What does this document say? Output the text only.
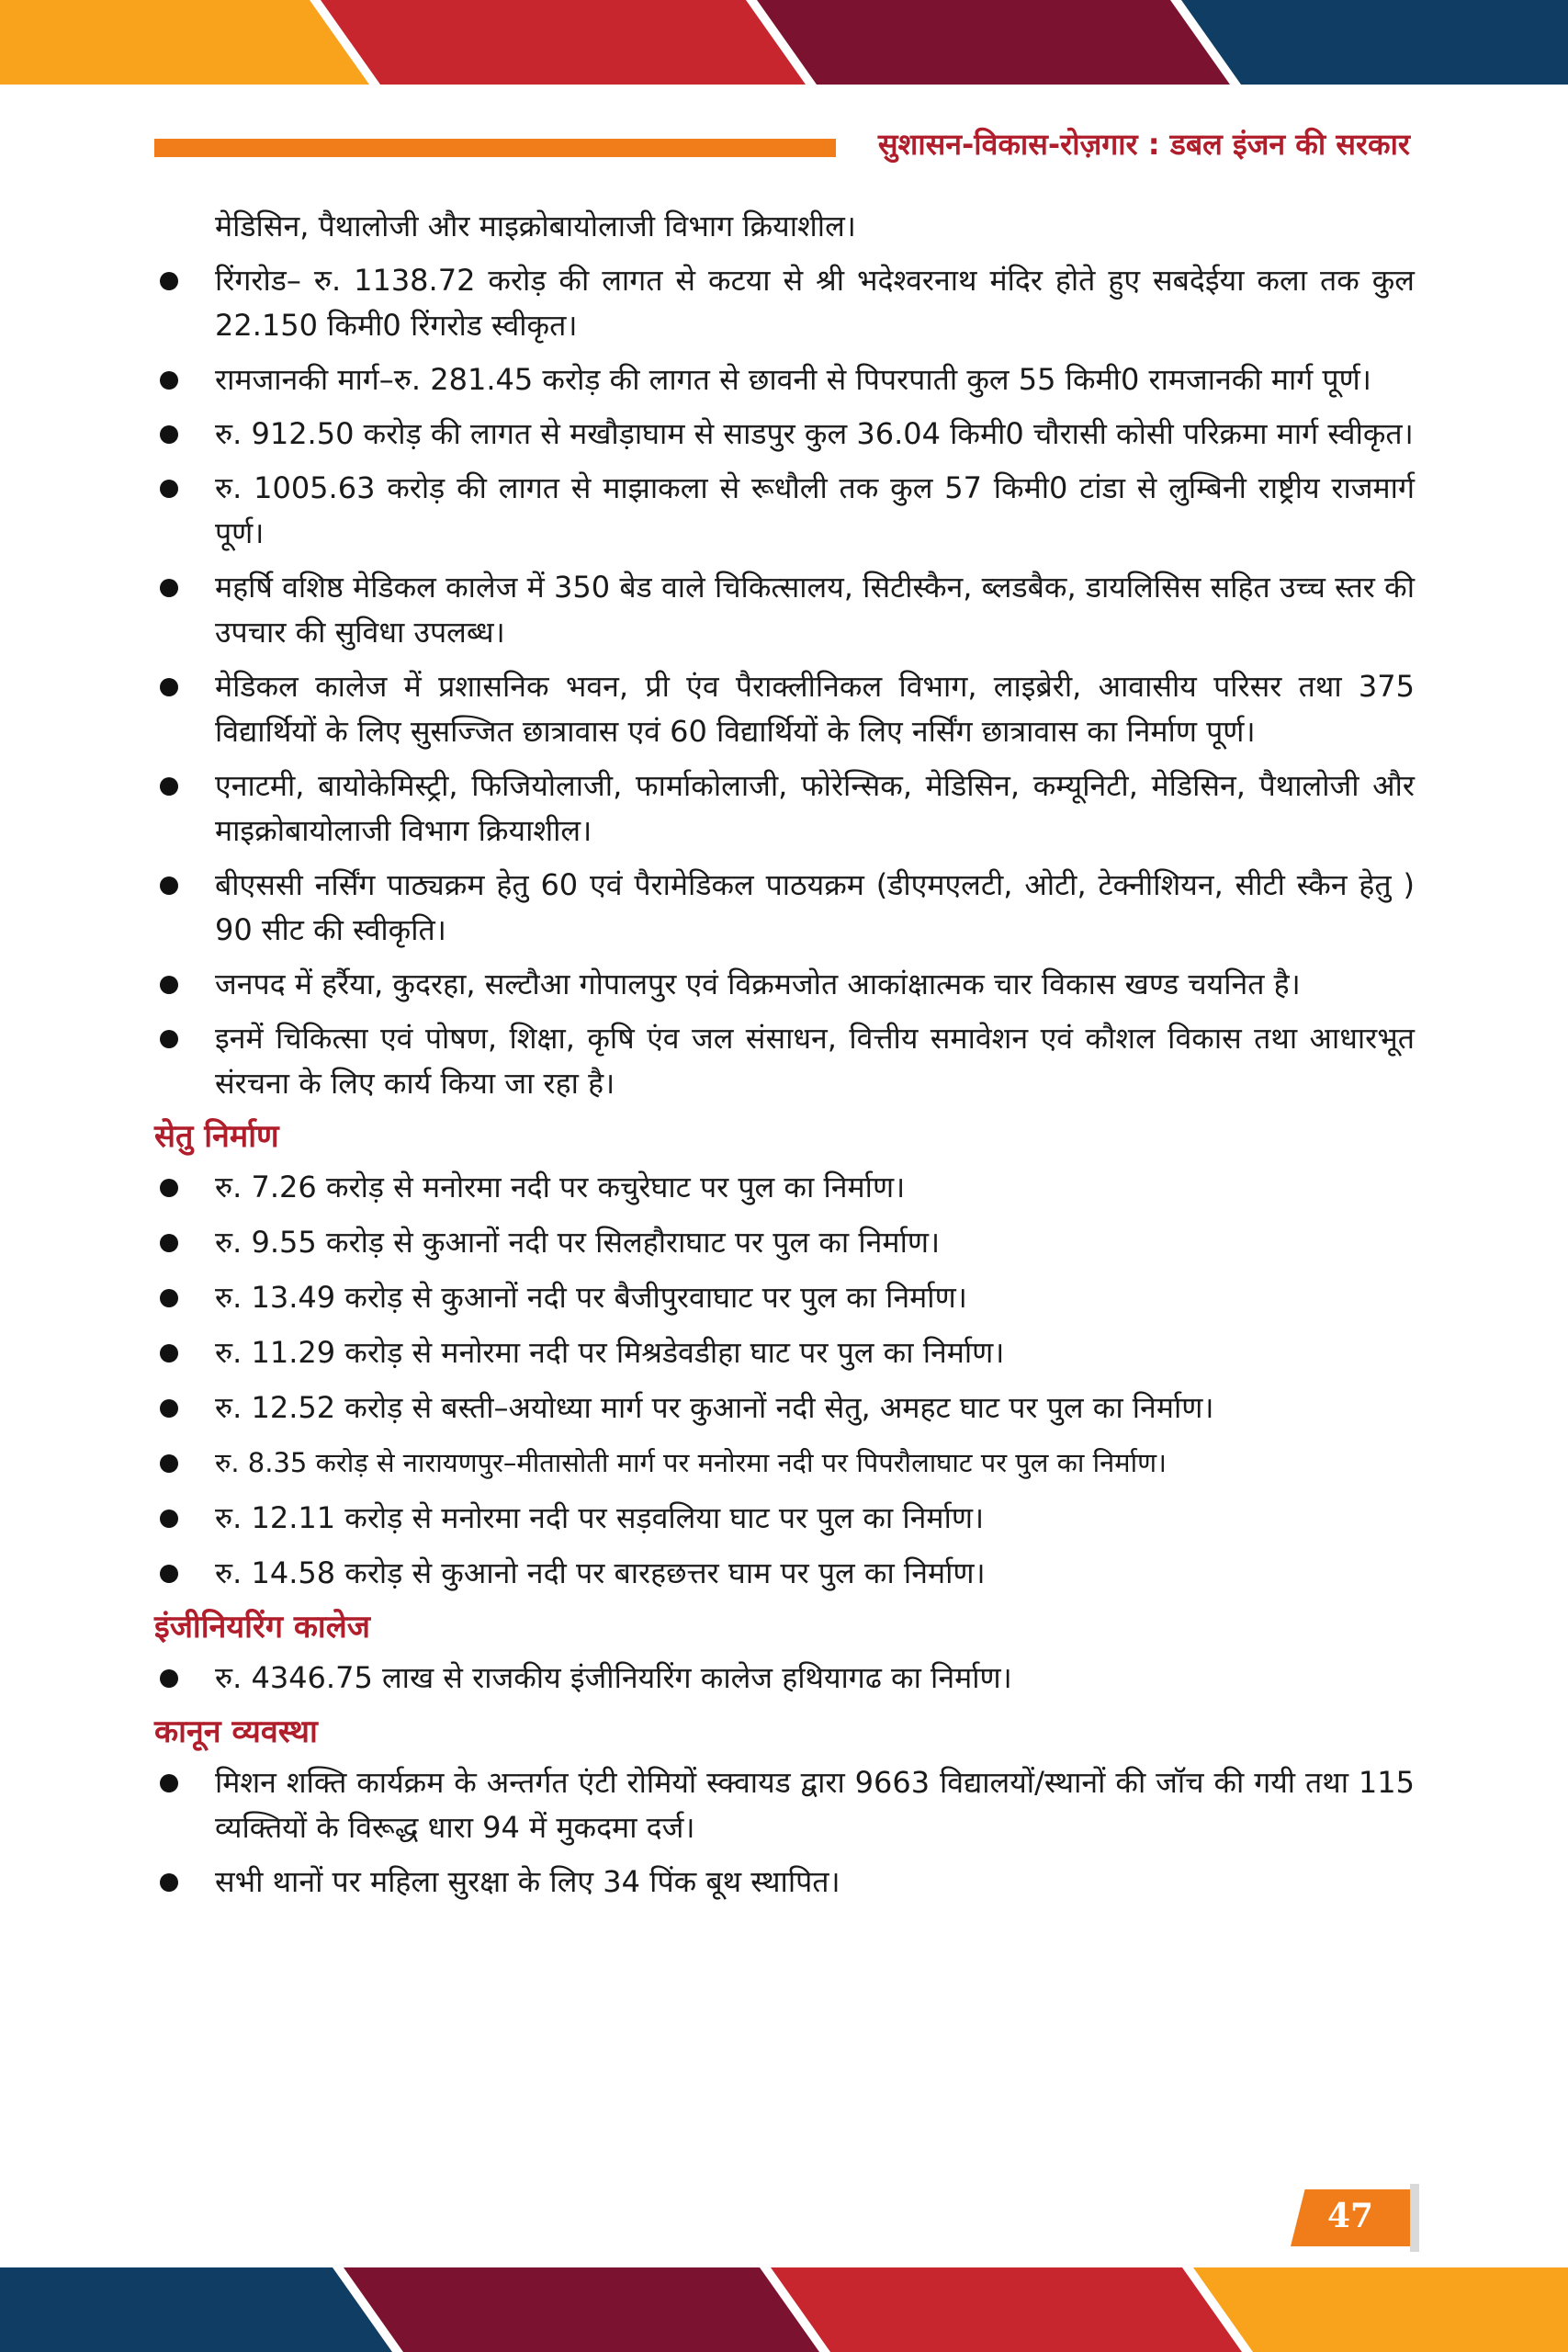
सुशासन-विकास-रोज़गार : डबल इंजन की सरकार

मेडिसिन, पैथालोजी और माइक्रोबायोलाजी विभाग क्रियाशील।

रिंगरोड– रु. 1138.72 करोड़ की लागत से कटया से श्री भदेश्वरनाथ मंदिर होते हुए सबदेईया कला तक कुल 22.150 किमी0 रिंगरोड स्वीकृत।
रामजानकी मार्ग–रु. 281.45 करोड़ की लागत से छावनी से पिपरपाती कुल 55 किमी0 रामजानकी मार्ग पूर्ण।
रु. 912.50 करोड़ की लागत से मखौड़ाघाम से साडपुर कुल 36.04 किमी0 चौरासी कोसी परिक्रमा मार्ग स्वीकृत।
रु. 1005.63 करोड़ की लागत से माझाकला से रूधौली तक कुल 57 किमी0 टांडा से लुम्बिनी राष्ट्रीय राजमार्ग पूर्ण।
महर्षि वशिष्ठ मेडिकल कालेज में 350 बेड वाले चिकित्सालय, सिटीस्कैन, ब्लडबैक, डायलिसिस सहित उच्च स्तर की उपचार की सुविधा उपलब्ध।
मेडिकल कालेज में प्रशासनिक भवन, प्री एंव पैराक्लीनिकल विभाग, लाइब्रेरी, आवासीय परिसर तथा 375 विद्यार्थियों के लिए सुसज्जित छात्रावास एवं 60 विद्यार्थियों के लिए नर्सिंग छात्रावास का निर्माण पूर्ण।
एनाटमी, बायोकेमिस्ट्री, फिजियोलाजी, फार्माकोलाजी, फोरेन्सिक, मेडिसिन, कम्यूनिटी, मेडिसिन, पैथालोजी और माइक्रोबायोलाजी विभाग क्रियाशील।
बीएससी नर्सिंग पाठ्यक्रम हेतु 60 एवं पैरामेडिकल पाठयक्रम (डीएमएलटी, ओटी, टेक्नीशियन, सीटी स्कैन हेतु ) 90 सीट की स्वीकृति।
जनपद में हर्रैया, कुदरहा, सल्टौआ गोपालपुर एवं विक्रमजोत आकांक्षात्मक चार विकास खण्ड चयनित है।
इनमें चिकित्सा एवं पोषण, शिक्षा, कृषि एंव जल संसाधन, वित्तीय समावेशन एवं कौशल विकास तथा आधारभूत संरचना के लिए कार्य किया जा रहा है।
सेतु निर्माण
रु. 7.26 करोड़ से मनोरमा नदी पर कचुरेघाट पर पुल का निर्माण।
रु. 9.55 करोड़ से कुआनों नदी पर सिलहौराघाट पर पुल का निर्माण।
रु. 13.49 करोड़ से कुआनों नदी पर बैजीपुरवाघाट पर पुल का निर्माण।
रु. 11.29 करोड़ से मनोरमा नदी पर मिश्रडेवडीहा घाट पर पुल का निर्माण।
रु. 12.52 करोड़ से बस्ती–अयोध्या मार्ग पर कुआनों नदी सेतु, अमहट घाट पर पुल का निर्माण।
रु. 8.35 करोड़ से नारायणपुर–मीतासोती मार्ग पर मनोरमा नदी पर पिपरौलाघाट पर पुल का निर्माण।
रु. 12.11 करोड़ से मनोरमा नदी पर सड़वलिया घाट पर पुल का निर्माण।
रु. 14.58 करोड़ से कुआनो नदी पर बारहछत्तर घाम पर पुल का निर्माण।
इंजीनियरिंग कालेज
रु. 4346.75 लाख से राजकीय इंजीनियरिंग कालेज हथियागढ का निर्माण।
कानून व्यवस्था
मिशन शक्ति कार्यक्रम के अन्तर्गत एंटी रोमियों स्क्वायड द्वारा 9663 विद्यालयों/स्थानों की जॉच की गयी तथा 115 व्यक्तियों के विरूद्ध धारा 94 में मुकदमा दर्ज।
सभी थानों पर महिला सुरक्षा के लिए 34 पिंक बूथ स्थापित।
47
